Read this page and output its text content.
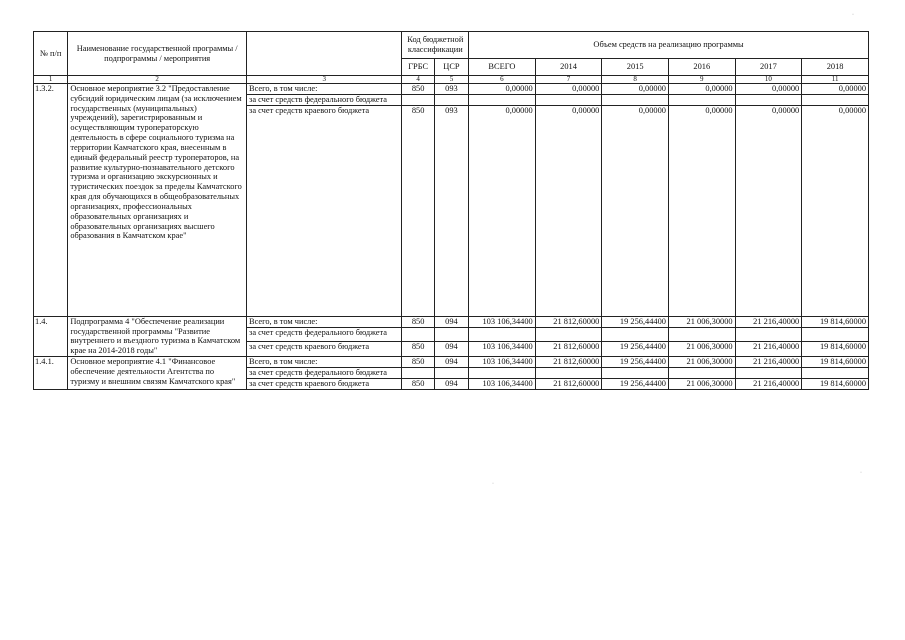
·
№ п/п	Наименование государственной программы / подпрограммы / мероприятия		Код бюджетной классификации		Объем средств на реализацию программы					
			ГРБС	ЦСР	ВСЕГО	2014	2015	2016	2017	2018
1	2	3	4	5	6	7	8	9	10	11
1.3.2.	Основное мероприятие 3.2 "Предоставление субсидий юридическим лицам (за исключением государственных (муниципальных) учреждений), зарегистрированным и осуществляющим туроператорскую деятельность в сфере социального туризма на территории Камчатского края, внесенным в единый федеральный реестр туроператоров, на развитие культурно-познавательного детского туризма и организацию экскурсионных и туристических поездок за пределы Камчатского края для обучающихся в общеобразовательных организациях, профессиональных образовательных организациях и образовательных организациях высшего образования в Камчатском крае"	Всего, в том числе:	850	093	0,00000	0,00000	0,00000	0,00000	0,00000	0,00000
		за счет средств федерального бюджета								
		за счет средств краевого бюджета	850	093	0,00000	0,00000	0,00000	0,00000	0,00000	0,00000
1.4.	Подпрограмма 4 "Обеспечение реализации государственной программы "Развитие внутреннего и въездного туризма в Камчатском крае на 2014-2018 годы"	Всего, в том числе:	850	094	103 106,34400	21 812,60000	19 256,44400	21 006,30000	21 216,40000	19 814,60000
		за счет средств федерального бюджета								
		за счет средств краевого бюджета	850	094	103 106,34400	21 812,60000	19 256,44400	21 006,30000	21 216,40000	19 814,60000
1.4.1.	Основное мероприятие 4.1 "Финансовое обеспечение деятельности Агентства по туризму и внешним связям Камчатского края"	Всего, в том числе:	850	094	103 106,34400	21 812,60000	19 256,44400	21 006,30000	21 216,40000	19 814,60000
		за счет средств федерального бюджета								
		за счет средств краевого бюджета	850	094	103 106,34400	21 812,60000	19 256,44400	21 006,30000	21 216,40000	19 814,60000
·
·
